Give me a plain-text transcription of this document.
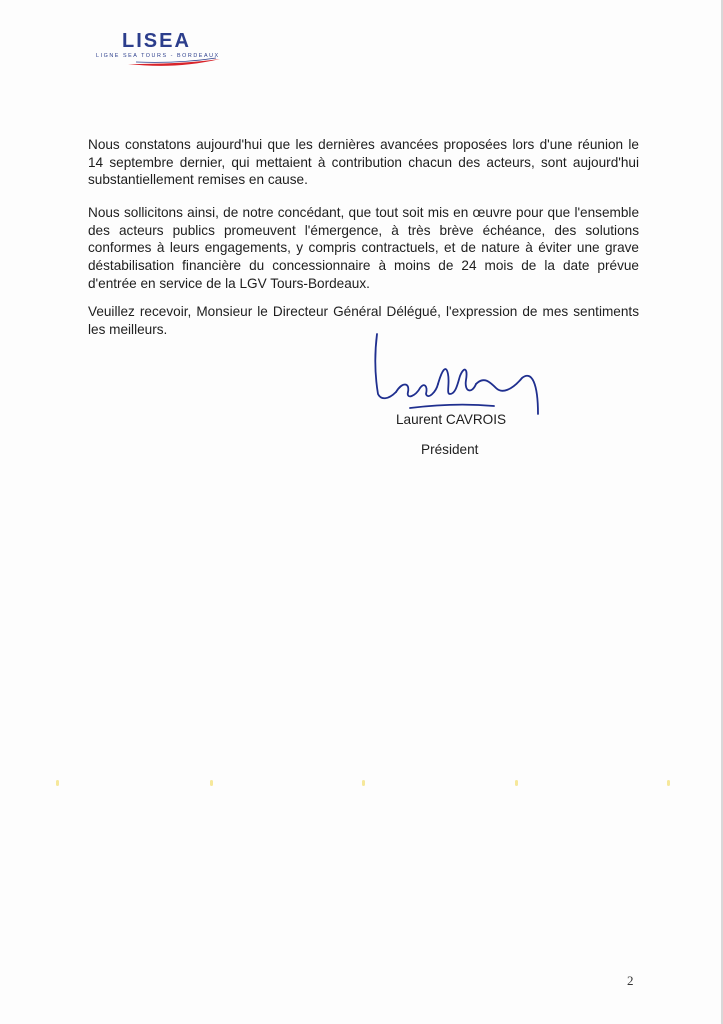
LISEA
LIGNE SEA TOURS - BORDEAUX

Nous constatons aujourd'hui que les dernières avancées proposées lors d'une réunion le 14 septembre dernier, qui mettaient à contribution chacun des acteurs, sont aujourd'hui substantiellement remises en cause.

Nous sollicitons ainsi, de notre concédant, que tout soit mis en œuvre pour que l'ensemble des acteurs publics promeuvent l'émergence, à très brève échéance, des solutions conformes à leurs engagements, y compris contractuels, et de nature à éviter une grave déstabilisation financière du concessionnaire à moins de 24 mois de la date prévue d'entrée en service de la LGV Tours-Bordeaux.

Veuillez recevoir, Monsieur le Directeur Général Délégué, l'expression de mes sentiments les meilleurs.

Laurent CAVROIS
Président
2
